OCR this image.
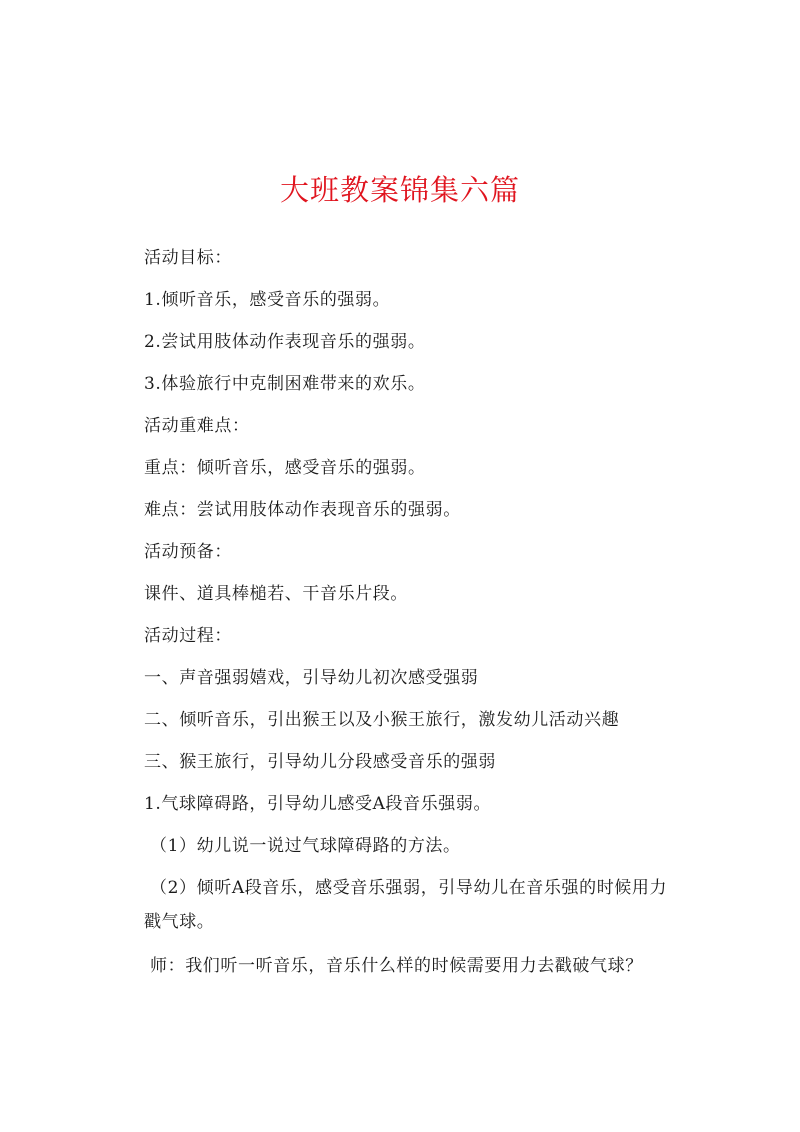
大班教案锦集六篇
活动目标：
1.倾听音乐，感受音乐的强弱。
2.尝试用肢体动作表现音乐的强弱。
3.体验旅行中克制困难带来的欢乐。
活动重难点：
重点：倾听音乐，感受音乐的强弱。
难点：尝试用肢体动作表现音乐的强弱。
活动预备：
课件、道具棒槌若、干音乐片段。
活动过程：
一、声音强弱嬉戏，引导幼儿初次感受强弱
二、倾听音乐，引出猴王以及小猴王旅行，激发幼儿活动兴趣
三、猴王旅行，引导幼儿分段感受音乐的强弱
1.气球障碍路，引导幼儿感受A段音乐强弱。
（1）幼儿说一说过气球障碍路的方法。
（2）倾听A段音乐，感受音乐强弱，引导幼儿在音乐强的时候用力
戳气球。
师：我们听一听音乐，音乐什么样的时候需要用力去戳破气球？
